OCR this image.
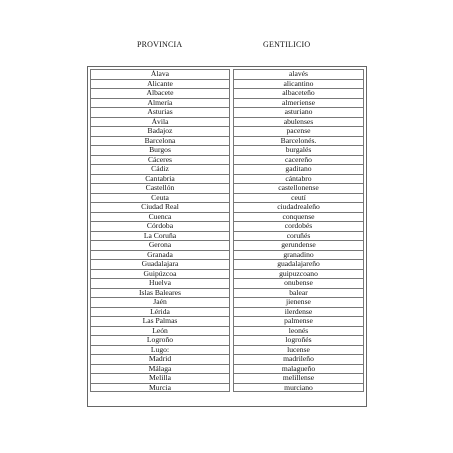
PROVINCIA	GENTILICIO
Álava
Alicante
Albacete
Almería
Asturias
Ávila
Badajoz
Barcelona
Burgos
Cáceres
Cádiz
Cantabria
Castellón
Ceuta
Ciudad Real
Cuenca
Córdoba
La Coruña
Gerona
Granada
Guadalajara
Guipúzcoa
Huelva
Islas Baleares
Jaén
Lérida
Las Palmas
León
Logroño
Lugo:
Madrid
Málaga
Melilla
Murcia
alavés
alicantino
albaceteño
almeriense
asturiano
abulenses
pacense
Barcelonés.
burgalés
cacereño
gaditano
cántabro
castellonense
ceutí
ciudadrealeño
conquense
cordobés
coruñés
gerundense
granadino
guadalajareño
guipuzcoano
onubense
balear
jienense
ilerdense
palmense
leonés
logroñés
lucense
madrileño
malagueño
melillense
murciano
